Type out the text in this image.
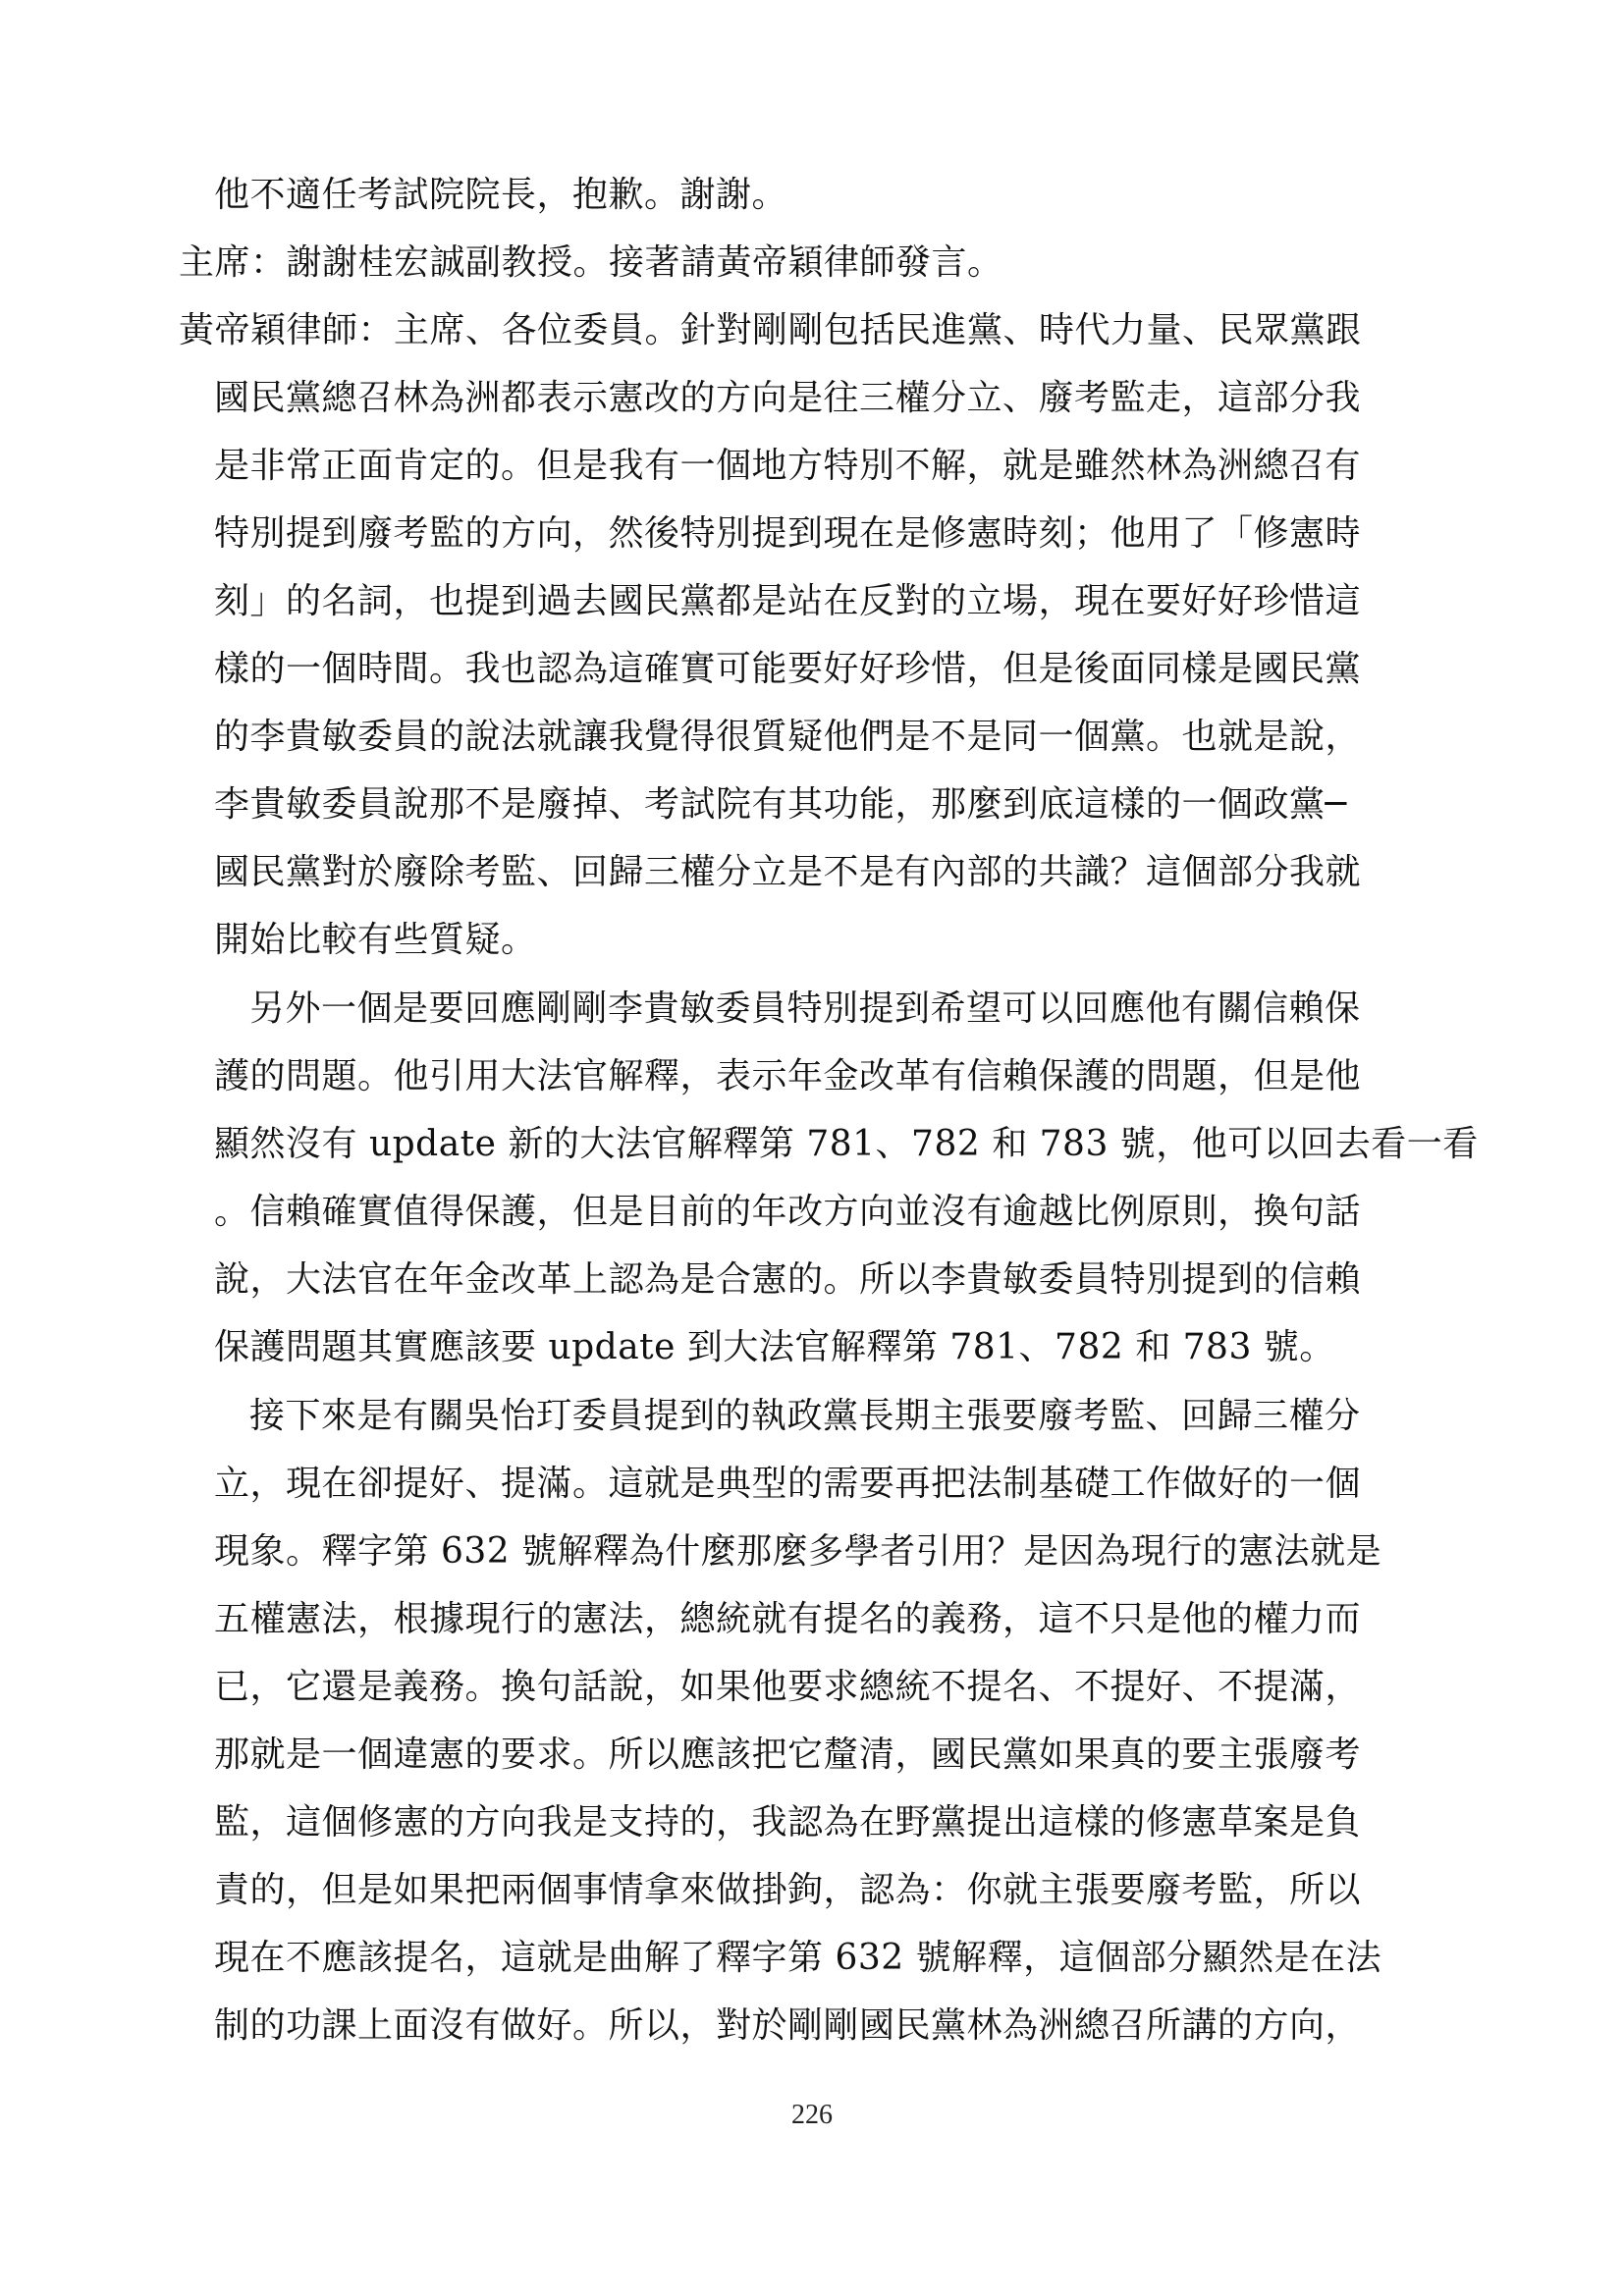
他不適任考試院院長，抱歉。謝謝。
主席：謝謝桂宏誠副教授。接著請黃帝穎律師發言。
黃帝穎律師：主席、各位委員。針對剛剛包括民進黨、時代力量、民眾黨跟
國民黨總召林為洲都表示憲改的方向是往三權分立、廢考監走，這部分我
是非常正面肯定的。但是我有一個地方特別不解，就是雖然林為洲總召有
特別提到廢考監的方向，然後特別提到現在是修憲時刻；他用了「修憲時
刻」的名詞，也提到過去國民黨都是站在反對的立場，現在要好好珍惜這
樣的一個時間。我也認為這確實可能要好好珍惜，但是後面同樣是國民黨
的李貴敏委員的說法就讓我覺得很質疑他們是不是同一個黨。也就是說，
李貴敏委員說那不是廢掉、考試院有其功能，那麼到底這樣的一個政黨─
國民黨對於廢除考監、回歸三權分立是不是有內部的共識？這個部分我就
開始比較有些質疑。
另外一個是要回應剛剛李貴敏委員特別提到希望可以回應他有關信賴保
護的問題。他引用大法官解釋，表示年金改革有信賴保護的問題，但是他
顯然沒有 update 新的大法官解釋第 781、782 和 783 號，他可以回去看一看
。信賴確實值得保護，但是目前的年改方向並沒有逾越比例原則，換句話
說，大法官在年金改革上認為是合憲的。所以李貴敏委員特別提到的信賴
保護問題其實應該要 update 到大法官解釋第 781、782 和 783 號。
接下來是有關吳怡玎委員提到的執政黨長期主張要廢考監、回歸三權分
立，現在卻提好、提滿。這就是典型的需要再把法制基礎工作做好的一個
現象。釋字第 632 號解釋為什麼那麼多學者引用？是因為現行的憲法就是
五權憲法，根據現行的憲法，總統就有提名的義務，這不只是他的權力而
已，它還是義務。換句話說，如果他要求總統不提名、不提好、不提滿，
那就是一個違憲的要求。所以應該把它釐清，國民黨如果真的要主張廢考
監，這個修憲的方向我是支持的，我認為在野黨提出這樣的修憲草案是負
責的，但是如果把兩個事情拿來做掛鉤，認為：你就主張要廢考監，所以
現在不應該提名，這就是曲解了釋字第 632 號解釋，這個部分顯然是在法
制的功課上面沒有做好。所以，對於剛剛國民黨林為洲總召所講的方向，
226
